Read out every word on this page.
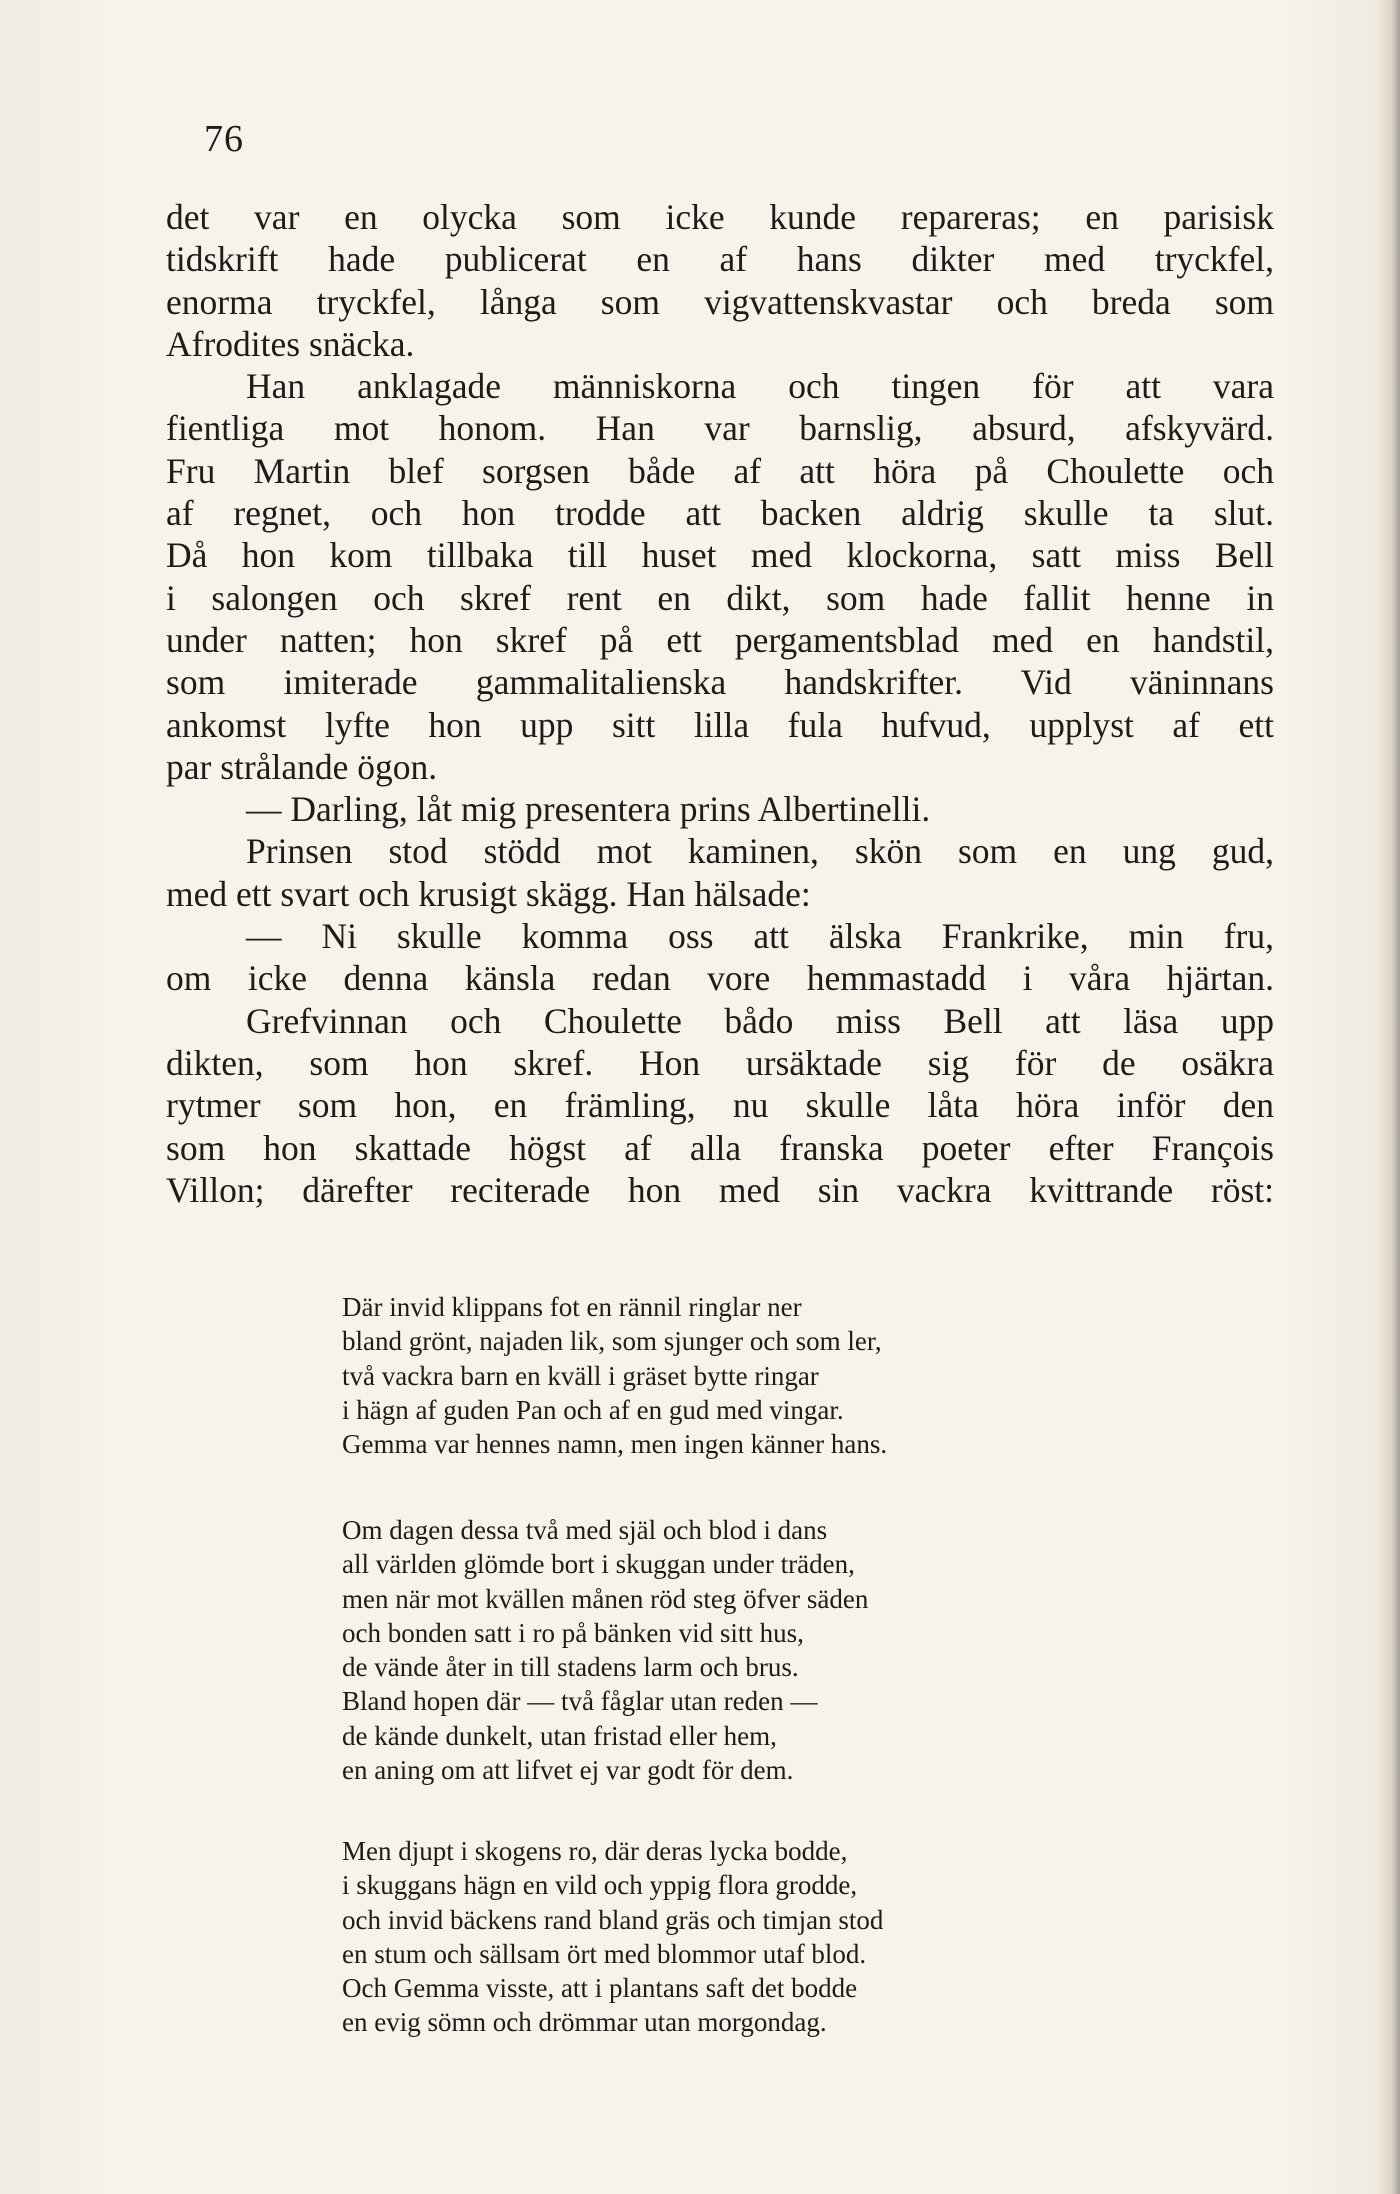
76
det var en olycka som icke kunde repareras; en parisisk
tidskrift hade publicerat en af hans dikter med tryckfel,
enorma tryckfel, långa som vigvattenskvastar och breda som
Afrodites snäcka.
Han anklagade människorna och tingen för att vara
fientliga mot honom. Han var barnslig, absurd, afskyvärd.
Fru Martin blef sorgsen både af att höra på Choulette och
af regnet, och hon trodde att backen aldrig skulle ta slut.
Då hon kom tillbaka till huset med klockorna, satt miss Bell
i salongen och skref rent en dikt, som hade fallit henne in
under natten; hon skref på ett pergamentsblad med en handstil,
som imiterade gammalitalienska handskrifter. Vid väninnans
ankomst lyfte hon upp sitt lilla fula hufvud, upplyst af ett
par strålande ögon.
— Darling, låt mig presentera prins Albertinelli.
Prinsen stod stödd mot kaminen, skön som en ung gud,
med ett svart och krusigt skägg. Han hälsade:
— Ni skulle komma oss att älska Frankrike, min fru,
om icke denna känsla redan vore hemmastadd i våra hjärtan.
Grefvinnan och Choulette bådo miss Bell att läsa upp
dikten, som hon skref. Hon ursäktade sig för de osäkra
rytmer som hon, en främling, nu skulle låta höra inför den
som hon skattade högst af alla franska poeter efter François
Villon; därefter reciterade hon med sin vackra kvittrande röst:
Där invid klippans fot en rännil ringlar ner
bland grönt, najaden lik, som sjunger och som ler,
två vackra barn en kväll i gräset bytte ringar
i hägn af guden Pan och af en gud med vingar.
Gemma var hennes namn, men ingen känner hans.
Om dagen dessa två med själ och blod i dans
all världen glömde bort i skuggan under träden,
men när mot kvällen månen röd steg öfver säden
och bonden satt i ro på bänken vid sitt hus,
de vände åter in till stadens larm och brus.
Bland hopen där — två fåglar utan reden —
de kände dunkelt, utan fristad eller hem,
en aning om att lifvet ej var godt för dem.
Men djupt i skogens ro, där deras lycka bodde,
i skuggans hägn en vild och yppig flora grodde,
och invid bäckens rand bland gräs och timjan stod
en stum och sällsam ört med blommor utaf blod.
Och Gemma visste, att i plantans saft det bodde
en evig sömn och drömmar utan morgondag.
